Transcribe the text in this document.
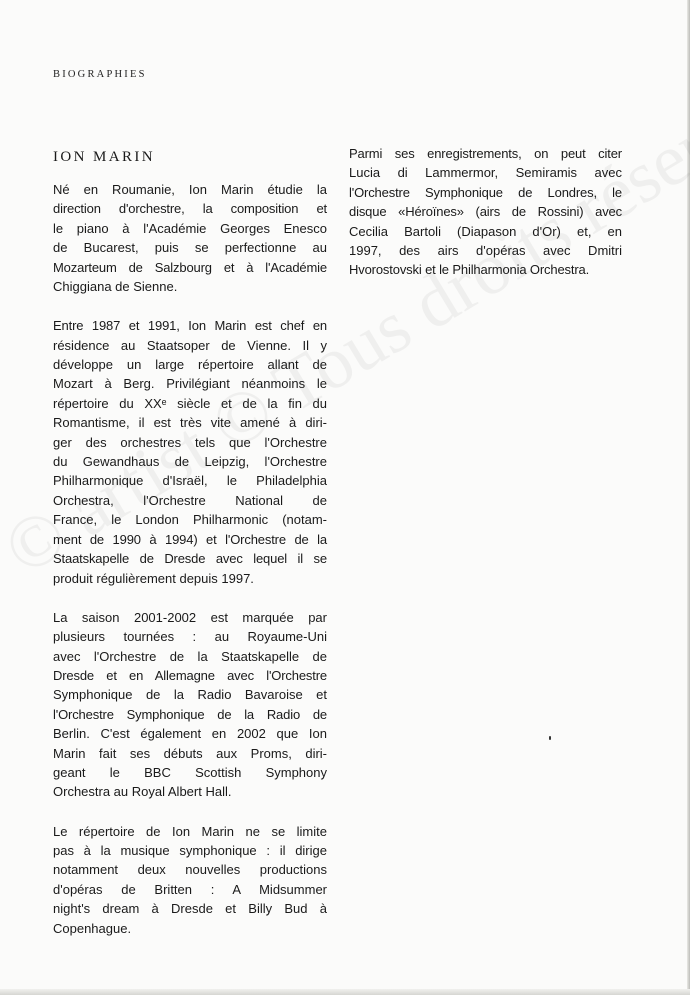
BIOGRAPHIES
ION MARIN

Né en Roumanie, Ion Marin étudie la
direction d'orchestre, la composition et
le piano à l'Académie Georges Enesco
de Bucarest, puis se perfectionne au
Mozarteum de Salzbourg et à l'Académie
Chiggiana de Sienne.

Entre 1987 et 1991, Ion Marin est chef en
résidence au Staatsoper de Vienne. Il y
développe un large répertoire allant de
Mozart à Berg. Privilégiant néanmoins le
répertoire du XXᵉ siècle et de la fin du
Romantisme, il est très vite amené à diri-
ger des orchestres tels que l'Orchestre
du Gewandhaus de Leipzig, l'Orchestre
Philharmonique d'Israël, le Philadelphia
Orchestra, l'Orchestre National de
France, le London Philharmonic (notam-
ment de 1990 à 1994) et l'Orchestre de la
Staatskapelle de Dresde avec lequel il se
produit régulièrement depuis 1997.

La saison 2001-2002 est marquée par
plusieurs tournées : au Royaume-Uni
avec l'Orchestre de la Staatskapelle de
Dresde et en Allemagne avec l'Orchestre
Symphonique de la Radio Bavaroise et
l'Orchestre Symphonique de la Radio de
Berlin. C'est également en 2002 que Ion
Marin fait ses débuts aux Proms, diri-
geant le BBC Scottish Symphony
Orchestra au Royal Albert Hall.

Le répertoire de Ion Marin ne se limite
pas à la musique symphonique : il dirige
notamment deux nouvelles productions
d'opéras de Britten : A Midsummer
night's dream à Dresde et Billy Bud à
Copenhague.

Parmi ses enregistrements, on peut citer
Lucia di Lammermor, Semiramis avec
l'Orchestre Symphonique de Londres, le
disque «Héroïnes» (airs de Rossini) avec
Cecilia Bartoli (Diapason d'Or) et, en
1997, des airs d'opéras avec Dmitri
Hvorostovski et le Philharmonia Orchestra.
